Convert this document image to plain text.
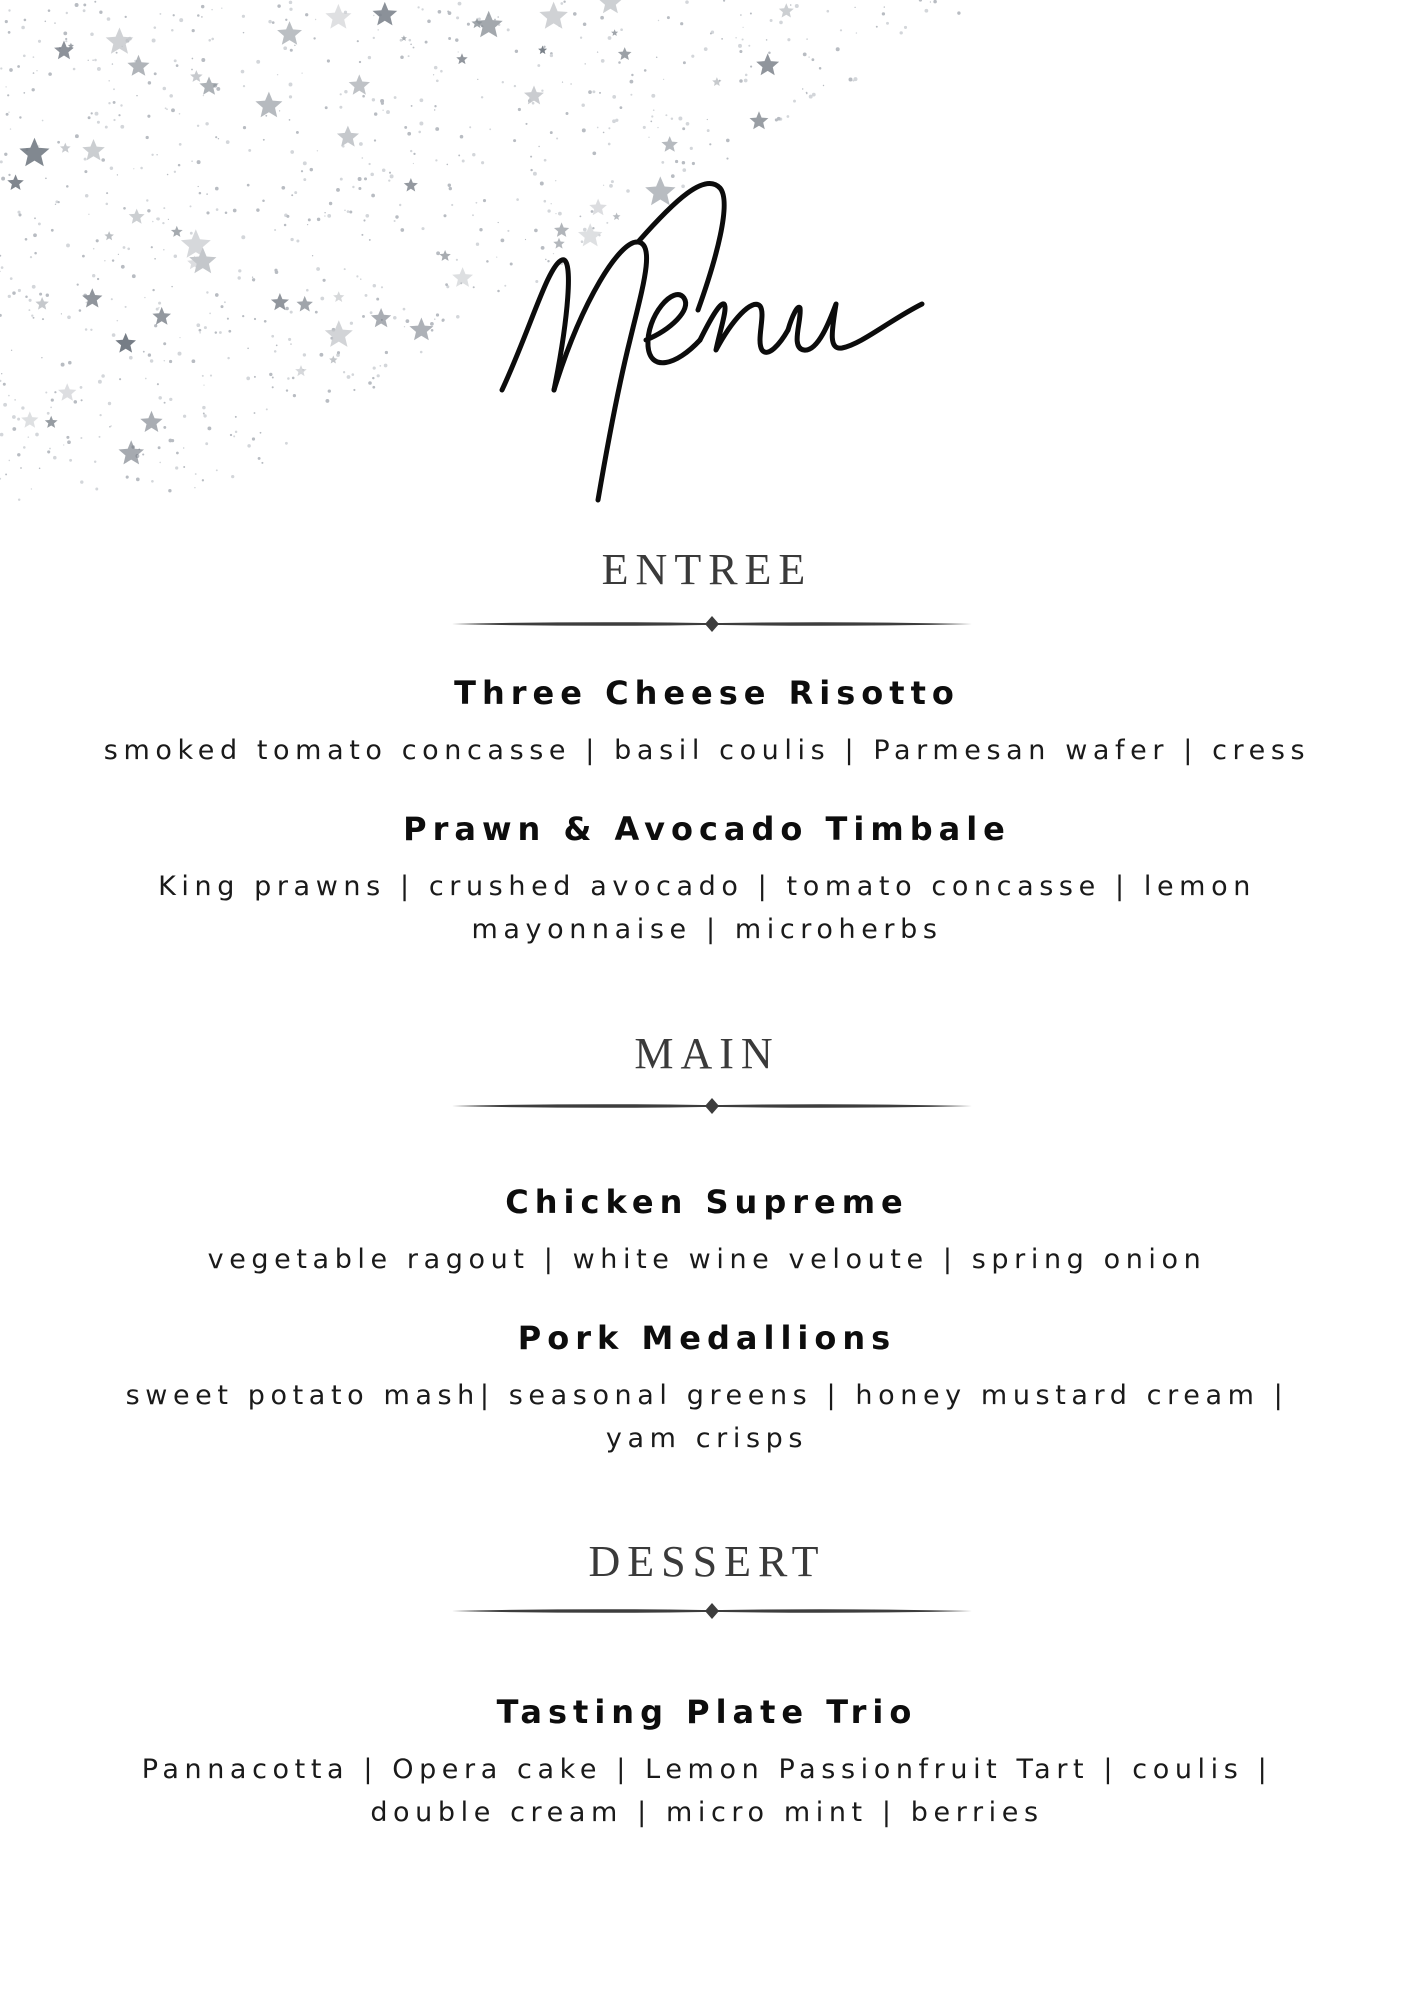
ENTREE
Three Cheese Risotto
smoked tomato concasse | basil coulis | Parmesan wafer | cress
Prawn & Avocado Timbale
King prawns | crushed avocado | tomato concasse | lemon
mayonnaise | microherbs
MAIN
Chicken Supreme
vegetable ragout | white wine veloute | spring onion
Pork Medallions
sweet potato mash| seasonal greens | honey mustard cream |
yam crisps
DESSERT
Tasting Plate Trio
Pannacotta | Opera cake | Lemon Passionfruit Tart | coulis |
double cream | micro mint | berries
